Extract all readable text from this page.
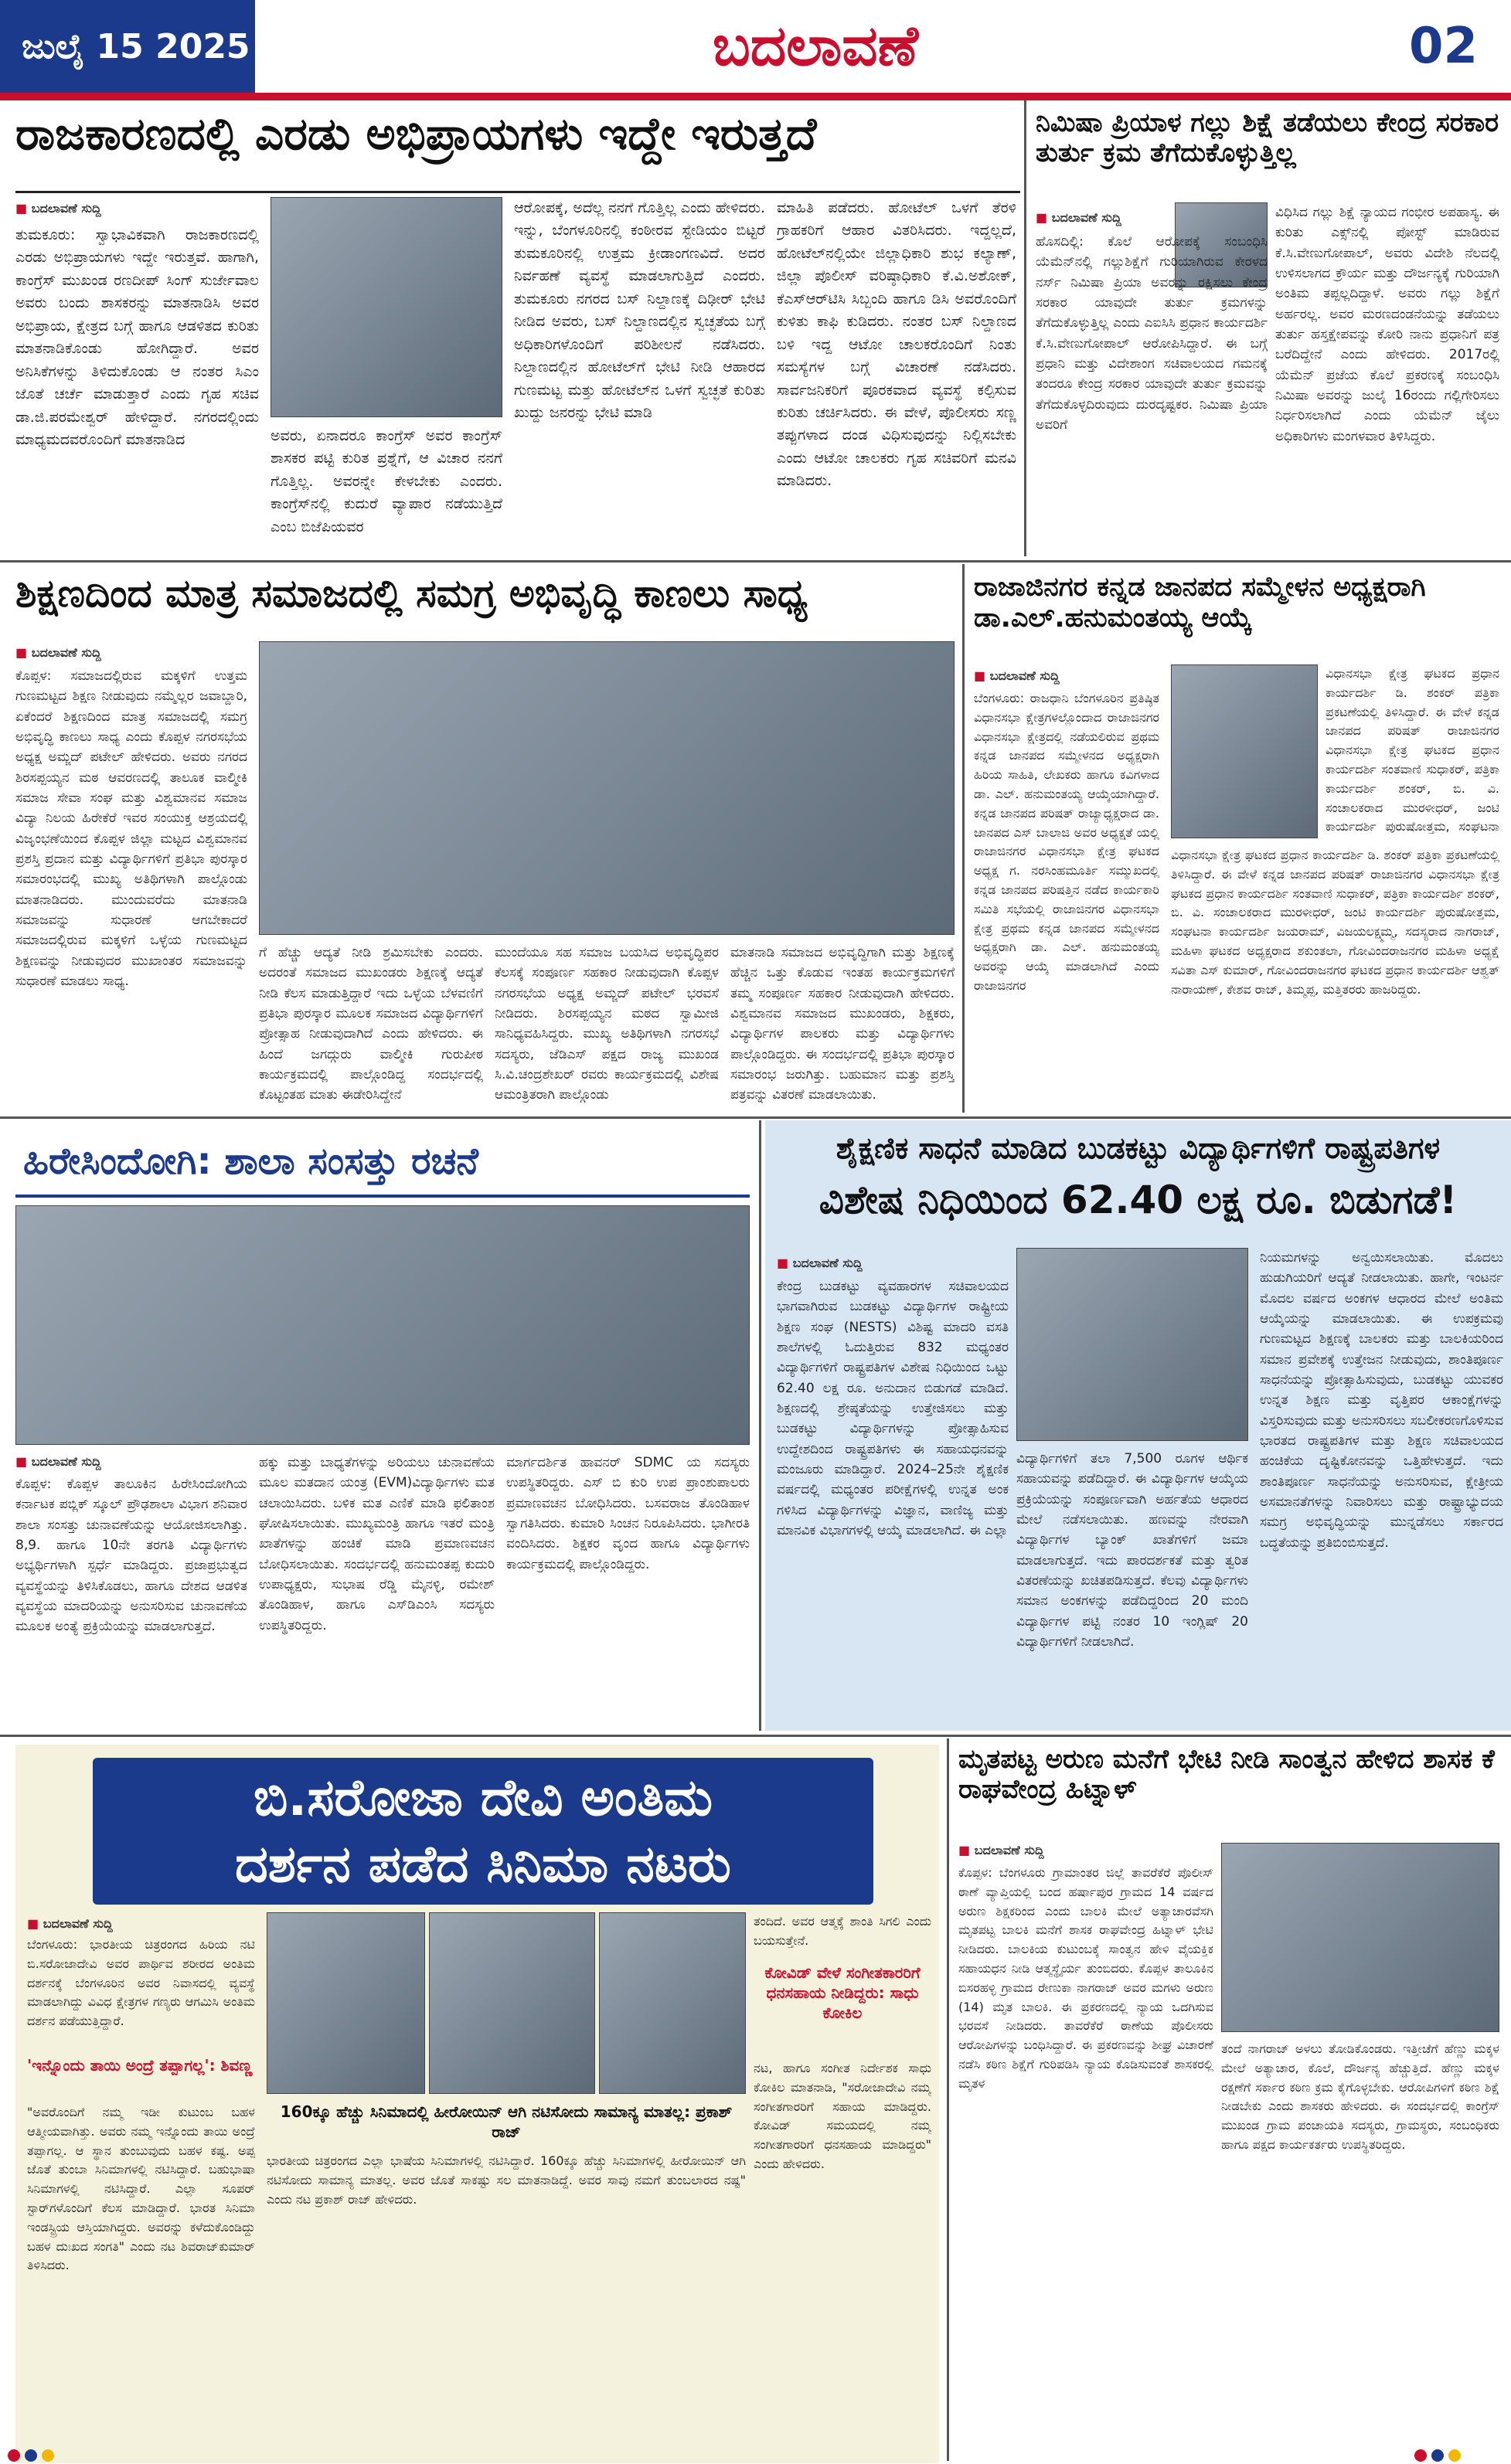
ಜುಲೈ 15 2025	ಬದಲಾವಣೆ	02
ರಾಜಕಾರಣದಲ್ಲಿ ಎರಡು ಅಭಿಪ್ರಾಯಗಳು ಇದ್ದೇ ಇರುತ್ತದೆ
■ ಬದಲಾವಣೆ ಸುದ್ದಿ
ತುಮಕೂರು: ಸ್ವಾಭಾವಿಕವಾಗಿ ರಾಜಕಾರಣದಲ್ಲಿ ಎರಡು ಅಭಿಪ್ರಾಯಗಳು ಇದ್ದೇ ಇರುತ್ತವೆ. ಹಾಗಾಗಿ, ಕಾಂಗ್ರೆಸ್ ಮುಖಂಡ ರಣದೀಪ್ ಸಿಂಗ್ ಸುರ್ಜೇವಾಲ ಅವರು ಬಂದು ಶಾಸಕರನ್ನು ಮಾತನಾಡಿಸಿ ಅವರ ಅಭಿಪ್ರಾಯ, ಕ್ಷೇತ್ರದ ಬಗ್ಗೆ ಹಾಗೂ ಆಡಳಿತದ ಕುರಿತು ಮಾತನಾಡಿಕೊಂಡು ಹೋಗಿದ್ದಾರೆ. ಅವರ ಅನಿಸಿಕೆಗಳನ್ನು ತಿಳಿದುಕೊಂಡು ಆ ನಂತರ ಸಿಎಂ ಜೊತೆ ಚರ್ಚೆ ಮಾಡುತ್ತಾರೆ ಎಂದು ಗೃಹ ಸಚಿವ ಡಾ.ಜಿ.ಪರಮೇಶ್ವರ್ ಹೇಳಿದ್ದಾರೆ. ನಗರದಲ್ಲಿಂದು ಮಾಧ್ಯಮದವರೊಂದಿಗೆ ಮಾತನಾಡಿದ	ಅವರು, ಏನಾದರೂ ಕಾಂಗ್ರೆಸ್ ಅವರ ಕಾಂಗ್ರೆಸ್ ಶಾಸಕರ ಪಟ್ಟಿ ಕುರಿತ ಪ್ರಶ್ನೆಗೆ, ಆ ವಿಚಾರ ನನಗೆ ಗೊತ್ತಿಲ್ಲ. ಅವರನ್ನೇ ಕೇಳಬೇಕು ಎಂದರು. ಕಾಂಗ್ರೆಸ್‌ನಲ್ಲಿ ಕುದುರೆ ವ್ಯಾಪಾರ ನಡೆಯುತ್ತಿದೆ ಎಂಬ ಬಿಜೆಪಿಯವರ
ಆರೋಪಕ್ಕೆ, ಅದೆಲ್ಲ ನನಗೆ ಗೊತ್ತಿಲ್ಲ ಎಂದು ಹೇಳಿದರು. ಇನ್ನು, ಬೆಂಗಳೂರಿನಲ್ಲಿ ಕಂಠೀರವ ಸ್ಟೇಡಿಯಂ ಬಿಟ್ಟರೆ ತುಮಕೂರಿನಲ್ಲಿ ಉತ್ತಮ ಕ್ರೀಡಾಂಗಣವಿದೆ. ಅದರ ನಿರ್ವಹಣೆ ವ್ಯವಸ್ಥೆ ಮಾಡಲಾಗುತ್ತಿದೆ ಎಂದರು. ತುಮಕೂರು ನಗರದ ಬಸ್ ನಿಲ್ದಾಣಕ್ಕೆ ದಿಢೀರ್ ಭೇಟಿ ನೀಡಿದ ಅವರು, ಬಸ್ ನಿಲ್ದಾಣದಲ್ಲಿನ ಸ್ವಚ್ಛತೆಯ ಬಗ್ಗೆ ಅಧಿಕಾರಿಗಳೊಂದಿಗೆ ಪರಿಶೀಲನೆ ನಡೆಸಿದರು. ನಿಲ್ದಾಣದಲ್ಲಿನ ಹೋಟೆಲ್‌ಗೆ ಭೇಟಿ ನೀಡಿ ಆಹಾರದ ಗುಣಮಟ್ಟ ಮತ್ತು ಹೋಟೆಲ್‌ನ ಒಳಗೆ ಸ್ವಚ್ಛತೆ ಕುರಿತು ಖುದ್ದು ಜನರನ್ನು ಭೇಟಿ ಮಾಡಿ
ಮಾಹಿತಿ ಪಡೆದರು. ಹೋಟೆಲ್ ಒಳಗೆ ತೆರಳಿ ಗ್ರಾಹಕರಿಗೆ ಆಹಾರ ವಿತರಿಸಿದರು. ಇದ್ದಲ್ಲದೆ, ಹೋಟೆಲ್‌ನಲ್ಲಿಯೇ ಜಿಲ್ಲಾಧಿಕಾರಿ ಶುಭ ಕಲ್ಯಾಣ್, ಜಿಲ್ಲಾ ಪೊಲೀಸ್ ವರಿಷ್ಠಾಧಿಕಾರಿ ಕೆ.ವಿ.ಅಶೋಕ್, ಕೆಎಸ್‌ಆರ್‌ಟಿಸಿ ಸಿಬ್ಬಂದಿ ಹಾಗೂ ಡಿಸಿ ಅವರೊಂದಿಗೆ ಕುಳಿತು ಕಾಫಿ ಕುಡಿದರು. ನಂತರ ಬಸ್ ನಿಲ್ದಾಣದ ಬಳಿ ಇದ್ದ ಆಟೋ ಚಾಲಕರೊಂದಿಗೆ ನಿಂತು ಸಮಸ್ಯೆಗಳ ಬಗ್ಗೆ ವಿಚಾರಣೆ ನಡೆಸಿದರು. ಸಾರ್ವಜನಿಕರಿಗೆ ಪೂರಕವಾದ ವ್ಯವಸ್ಥೆ ಕಲ್ಪಿಸುವ ಕುರಿತು ಚರ್ಚಿಸಿದರು. ಈ ವೇಳೆ, ಪೊಲೀಸರು ಸಣ್ಣ ತಪ್ಪುಗಳಾದ ದಂಡ ವಿಧಿಸುವುದನ್ನು ನಿಲ್ಲಿಸಬೇಕು ಎಂದು ಆಟೋ ಚಾಲಕರು ಗೃಹ ಸಚಿವರಿಗೆ ಮನವಿ ಮಾಡಿದರು.
ನಿಮಿಷಾ ಪ್ರಿಯಾಳ ಗಲ್ಲು ಶಿಕ್ಷೆ ತಡೆಯಲು ಕೇಂದ್ರ ಸರಕಾರ ತುರ್ತು ಕ್ರಮ ತೆಗೆದುಕೊಳ್ಳುತ್ತಿಲ್ಲ
■ ಬದಲಾವಣೆ ಸುದ್ದಿ
ಹೊಸದಿಲ್ಲಿ: ಕೊಲೆ ಆರೋಪಕ್ಕೆ ಸಂಬಂಧಿಸಿ ಯೆಮೆನ್‌ನಲ್ಲಿ ಗಲ್ಲುಶಿಕ್ಷೆಗೆ ಗುರಿಯಾಗಿರುವ ಕೇರಳದ ನರ್ಸ್ ನಿಮಿಷಾ ಪ್ರಿಯಾ ಅವರನ್ನು ರಕ್ಷಿಸಲು ಕೇಂದ್ರ ಸರಕಾರ ಯಾವುದೇ ತುರ್ತು ಕ್ರಮಗಳನ್ನು ತೆಗೆದುಕೊಳ್ಳುತ್ತಿಲ್ಲ ಎಂದು ಎಐಸಿಸಿ ಪ್ರಧಾನ ಕಾರ್ಯದರ್ಶಿ ಕೆ.ಸಿ.ವೇಣುಗೋಪಾಲ್ ಆರೋಪಿಸಿದ್ದಾರೆ. ಈ ಬಗ್ಗೆ ಪ್ರಧಾನಿ ಮತ್ತು ವಿದೇಶಾಂಗ ಸಚಿವಾಲಯದ ಗಮನಕ್ಕೆ ತಂದರೂ ಕೇಂದ್ರ ಸರಕಾರ ಯಾವುದೇ ತುರ್ತು ಕ್ರಮವನ್ನು ತೆಗೆದುಕೊಳ್ಳದಿರುವುದು ದುರದೃಷ್ಟಕರ. ನಿಮಿಷಾ ಪ್ರಿಯಾ ಅವರಿಗೆ
ವಿಧಿಸಿದ ಗಲ್ಲು ಶಿಕ್ಷೆ ನ್ಯಾಯದ ಗಂಭೀರ ಅಪಹಾಸ್ಯ. ಈ ಕುರಿತು ಎಕ್ಸ್‌ನಲ್ಲಿ ಪೋಸ್ಟ್ ಮಾಡಿರುವ ಕೆ.ಸಿ.ವೇಣುಗೋಪಾಲ್, ಅವರು ವಿದೇಶಿ ನೆಲದಲ್ಲಿ ಉಳಿಸಲಾಗದ ಕ್ರೌರ್ಯ ಮತ್ತು ದೌರ್ಜನ್ಯಕ್ಕೆ ಗುರಿಯಾಗಿ ಅಂತಿಮ ತಪ್ಪಲ್ಲದಿದ್ದಾಳೆ. ಅವರು ಗಲ್ಲು ಶಿಕ್ಷೆಗೆ ಅರ್ಹರಲ್ಲ. ಅವರ ಮರಣದಂಡನೆಯನ್ನು ತಡೆಯಲು ತುರ್ತು ಹಸ್ತಕ್ಷೇಪವನ್ನು ಕೋರಿ ನಾನು ಪ್ರಧಾನಿಗೆ ಪತ್ರ ಬರೆದಿದ್ದೇನೆ ಎಂದು ಹೇಳಿದರು. 2017ರಲ್ಲಿ ಯೆಮೆನ್ ಪ್ರಜೆಯ ಕೊಲೆ ಪ್ರಕರಣಕ್ಕೆ ಸಂಬಂಧಿಸಿ ನಿಮಿಷಾ ಅವರನ್ನು ಜುಲೈ 16ರಂದು ಗಲ್ಲಿಗೇರಿಸಲು ನಿರ್ಧರಿಸಲಾಗಿದೆ ಎಂದು ಯೆಮೆನ್ ಜೈಲು ಅಧಿಕಾರಿಗಳು ಮಂಗಳವಾರ ತಿಳಿಸಿದ್ದರು.
ಶಿಕ್ಷಣದಿಂದ ಮಾತ್ರ ಸಮಾಜದಲ್ಲಿ ಸಮಗ್ರ ಅಭಿವೃದ್ಧಿ ಕಾಣಲು ಸಾಧ್ಯ
■ ಬದಲಾವಣೆ ಸುದ್ದಿ
ಕೊಪ್ಪಳ: ಸಮಾಜದಲ್ಲಿರುವ ಮಕ್ಕಳಿಗೆ ಉತ್ತಮ ಗುಣಮಟ್ಟದ ಶಿಕ್ಷಣ ನೀಡುವುದು ನಮ್ಮೆಲ್ಲರ ಜವಾಬ್ದಾರಿ, ಏಕೆಂದರೆ ಶಿಕ್ಷಣದಿಂದ ಮಾತ್ರ ಸಮಾಜದಲ್ಲಿ ಸಮಗ್ರ ಅಭಿವೃದ್ಧಿ ಕಾಣಲು ಸಾಧ್ಯ ಎಂದು ಕೊಪ್ಪಳ ನಗರಸಭೆಯ ಅಧ್ಯಕ್ಷ ಅಮ್ಜದ್ ಪಟೇಲ್ ಹೇಳಿದರು. ಅವರು ನಗರದ ಶಿರಸಪ್ಪಯ್ಯನ ಮಠ ಆವರಣದಲ್ಲಿ ತಾಲೂಕ ವಾಲ್ಮೀಕಿ ಸಮಾಜ ಸೇವಾ ಸಂಘ ಮತ್ತು ವಿಶ್ವಮಾನವ ಸಮಾಜ ವಿದ್ಯಾ ನಿಲಯ ಹಿರೇಕೆರೆ ಇವರ ಸಂಯುಕ್ತ ಆಶ್ರಯದಲ್ಲಿ ವಿಜೃಂಭಣೆಯಿಂದ ಕೊಪ್ಪಳ ಜಿಲ್ಲಾ ಮಟ್ಟದ ವಿಶ್ವಮಾನವ ಪ್ರಶಸ್ತಿ ಪ್ರದಾನ ಮತ್ತು ವಿದ್ಯಾರ್ಥಿಗಳಿಗೆ ಪ್ರತಿಭಾ ಪುರಸ್ಕಾರ ಸಮಾರಂಭದಲ್ಲಿ ಮುಖ್ಯ ಅತಿಥಿಗಳಾಗಿ ಪಾಲ್ಗೊಂಡು ಮಾತನಾಡಿದರು. ಮುಂದುವರೆದು ಮಾತನಾಡಿ ಸಮಾಜವನ್ನು ಸುಧಾರಣೆ ಆಗಬೇಕಾದರೆ ಸಮಾಜದಲ್ಲಿರುವ ಮಕ್ಕಳಿಗೆ ಒಳ್ಳೆಯ ಗುಣಮಟ್ಟದ ಶಿಕ್ಷಣವನ್ನು ನೀಡುವುದರ ಮುಖಾಂತರ ಸಮಾಜವನ್ನು ಸುಧಾರಣೆ ಮಾಡಲು ಸಾಧ್ಯ.
ಗೆ ಹೆಚ್ಚು ಆದ್ಯತೆ ನೀಡಿ ಶ್ರಮಿಸಬೇಕು ಎಂದರು. ಅದರಂತೆ ಸಮಾಜದ ಮುಖಂಡರು ಶಿಕ್ಷಣಕ್ಕೆ ಆದ್ಯತೆ ನೀಡಿ ಕೆಲಸ ಮಾಡುತ್ತಿದ್ದಾರೆ ಇದು ಒಳ್ಳೆಯ ಬೆಳವಣಿಗೆ ಪ್ರತಿಭಾ ಪುರಸ್ಕಾರ ಮೂಲಕ ಸಮಾಜದ ವಿದ್ಯಾರ್ಥಿಗಳಿಗೆ ಪ್ರೋತ್ಸಾಹ ನೀಡುವುದಾಗಿದೆ ಎಂದು ಹೇಳಿದರು. ಈ ಹಿಂದೆ ಜಗದ್ಗುರು ವಾಲ್ಮೀಕಿ ಗುರುಪೀಠ ಕಾರ್ಯಕ್ರಮದಲ್ಲಿ ಪಾಲ್ಗೊಂಡಿದ್ದ ಸಂದರ್ಭದಲ್ಲಿ ಕೊಟ್ಟಂತಹ ಮಾತು ಈಡೇರಿಸಿದ್ದೇನೆ
ಮುಂದೆಯೂ ಸಹ ಸಮಾಜ ಬಯಸಿದ ಅಭಿವೃದ್ಧಿಪರ ಕೆಲಸಕ್ಕೆ ಸಂಪೂರ್ಣ ಸಹಕಾರ ನೀಡುವುದಾಗಿ ಕೊಪ್ಪಳ ನಗರಸಭೆಯ ಅಧ್ಯಕ್ಷ ಅಮ್ಜದ್ ಪಟೇಲ್ ಭರವಸೆ ನೀಡಿದರು. ಶಿರಸಪ್ಪಯ್ಯನ ಮಠದ ಸ್ವಾಮೀಜಿ ಸಾನಿಧ್ಯವಹಿಸಿದ್ದರು. ಮುಖ್ಯ ಅತಿಥಿಗಳಾಗಿ ನಗರಸಭೆ ಸದಸ್ಯರು, ಜೆಡಿಎಸ್ ಪಕ್ಷದ ರಾಜ್ಯ ಮುಖಂಡ ಸಿ.ವಿ.ಚಂದ್ರಶೇಖರ್ ರವರು ಕಾರ್ಯಕ್ರಮದಲ್ಲಿ ವಿಶೇಷ ಆಮಂತ್ರಿತರಾಗಿ ಪಾಲ್ಗೊಂಡು
ಮಾತನಾಡಿ ಸಮಾಜದ ಅಭಿವೃದ್ಧಿಗಾಗಿ ಮತ್ತು ಶಿಕ್ಷಣಕ್ಕೆ ಹೆಚ್ಚಿನ ಒತ್ತು ಕೊಡುವ ಇಂತಹ ಕಾರ್ಯಕ್ರಮಗಳಿಗೆ ತಮ್ಮ ಸಂಪೂರ್ಣ ಸಹಕಾರ ನೀಡುವುದಾಗಿ ಹೇಳಿದರು. ವಿಶ್ವಮಾನವ ಸಮಾಜದ ಮುಖಂಡರು, ಶಿಕ್ಷಕರು, ವಿದ್ಯಾರ್ಥಿಗಳ ಪಾಲಕರು ಮತ್ತು ವಿದ್ಯಾರ್ಥಿಗಳು ಪಾಲ್ಗೊಂಡಿದ್ದರು. ಈ ಸಂದರ್ಭದಲ್ಲಿ ಪ್ರತಿಭಾ ಪುರಸ್ಕಾರ ಸಮಾರಂಭ ಜರುಗಿತ್ತು. ಬಹುಮಾನ ಮತ್ತು ಪ್ರಶಸ್ತಿ ಪತ್ರವನ್ನು ವಿತರಣೆ ಮಾಡಲಾಯಿತು.
ರಾಜಾಜಿನಗರ ಕನ್ನಡ ಜಾನಪದ ಸಮ್ಮೇಳನ ಅಧ್ಯಕ್ಷರಾಗಿ ಡಾ.ಎಲ್.ಹನುಮಂತಯ್ಯ ಆಯ್ಕೆ
■ ಬದಲಾವಣೆ ಸುದ್ದಿ
ಬೆಂಗಳೂರು: ರಾಜಧಾನಿ ಬೆಂಗಳೂರಿನ ಪ್ರತಿಷ್ಠಿತ ವಿಧಾನಸಭಾ ಕ್ಷೇತ್ರಗಳಲ್ಲೊಂದಾದ ರಾಜಾಜಿನಗರ ವಿಧಾನಸಭಾ ಕ್ಷೇತ್ರದಲ್ಲಿ ನಡೆಯಲಿರುವ ಪ್ರಥಮ ಕನ್ನಡ ಜಾನಪದ ಸಮ್ಮೇಳನದ ಅಧ್ಯಕ್ಷರಾಗಿ ಹಿರಿಯ ಸಾಹಿತಿ, ಲೇಖಕರು ಹಾಗೂ ಕವಿಗಳಾದ ಡಾ. ಎಲ್. ಹನುಮಂತಯ್ಯ ಆಯ್ಕೆಯಾಗಿದ್ದಾರೆ. ಕನ್ನಡ ಜಾನಪದ ಪರಿಷತ್ ರಾಜ್ಯಾಧ್ಯಕ್ಷರಾದ ಡಾ. ಜಾನಪದ ಎಸ್ ಬಾಲಾಜಿ ಅವರ ಅಧ್ಯಕ್ಷತೆ ಯಲ್ಲಿ ರಾಜಾಜಿನಗರ ವಿಧಾನಸಭಾ ಕ್ಷೇತ್ರ ಘಟಕದ ಅಧ್ಯಕ್ಷ ಗ. ನರಸಿಂಹಮೂರ್ತಿ ಸಮ್ಮುಖದಲ್ಲಿ ಕನ್ನಡ ಜಾನಪದ ಪರಿಷತ್ತಿನ ನಡೆದ ಕಾರ್ಯಕಾರಿ ಸಮಿತಿ ಸಭೆಯಲ್ಲಿ ರಾಜಾಜಿನಗರ ವಿಧಾನಸಭಾ ಕ್ಷೇತ್ರ ಪ್ರಥಮ ಕನ್ನಡ ಜಾನಪದ ಸಮ್ಮೇಳನದ ಅಧ್ಯಕ್ಷರಾಗಿ ಡಾ. ಎಲ್. ಹನುಮಂತಯ್ಯ ಅವರನ್ನು ಆಯ್ಕೆ ಮಾಡಲಾಗಿದೆ ಎಂದು ರಾಜಾಜಿನಗರ
ವಿಧಾನಸಭಾ ಕ್ಷೇತ್ರ ಘಟಕದ ಪ್ರಧಾನ ಕಾರ್ಯದರ್ಶಿ ಡಿ. ಶಂಕರ್ ಪತ್ರಿಕಾ ಪ್ರಕಟಣೆಯಲ್ಲಿ ತಿಳಿಸಿದ್ದಾರೆ. ಈ ವೇಳೆ ಕನ್ನಡ ಜಾನಪದ ಪರಿಷತ್ ರಾಜಾಜಿನಗರ ವಿಧಾನಸಭಾ ಕ್ಷೇತ್ರ ಘಟಕದ ಪ್ರಧಾನ ಕಾರ್ಯದರ್ಶಿ ಸಂತವಾಣಿ ಸುಧಾಕರ್, ಪತ್ರಿಕಾ ಕಾರ್ಯದರ್ಶಿ ಶಂಕರ್, ಬಿ. ವಿ. ಸಂಚಾಲಕರಾದ ಮುರಳೀಧರ್, ಜಂಟಿ ಕಾರ್ಯದರ್ಶಿ ಪುರುಷೋತ್ತಮ, ಸಂಘಟನಾ
ವಿಧಾನಸಭಾ ಕ್ಷೇತ್ರ ಘಟಕದ ಪ್ರಧಾನ ಕಾರ್ಯದರ್ಶಿ ಡಿ. ಶಂಕರ್ ಪತ್ರಿಕಾ ಪ್ರಕಟಣೆಯಲ್ಲಿ ತಿಳಿಸಿದ್ದಾರೆ. ಈ ವೇಳೆ ಕನ್ನಡ ಜಾನಪದ ಪರಿಷತ್ ರಾಜಾಜಿನಗರ ವಿಧಾನಸಭಾ ಕ್ಷೇತ್ರ ಘಟಕದ ಪ್ರಧಾನ ಕಾರ್ಯದರ್ಶಿ ಸಂತವಾಣಿ ಸುಧಾಕರ್, ಪತ್ರಿಕಾ ಕಾರ್ಯದರ್ಶಿ ಶಂಕರ್, ಬಿ. ವಿ. ಸಂಚಾಲಕರಾದ ಮುರಳೀಧರ್, ಜಂಟಿ ಕಾರ್ಯದರ್ಶಿ ಪುರುಷೋತ್ತಮ, ಸಂಘಟನಾ ಕಾರ್ಯದರ್ಶಿ ಜಯರಾಮ್, ವಿಜಯಲಕ್ಷ್ಮಮ್ಮ, ಸದಸ್ಯರಾದ ನಾಗರಾಜ್, ಮಹಿಳಾ ಘಟಕದ ಅಧ್ಯಕ್ಷರಾದ ಶಕುಂತಲಾ, ಗೋವಿಂದರಾಜನಗರ ಮಹಿಳಾ ಅಧ್ಯಕ್ಷೆ ಸವಿತಾ ಎಸ್ ಕುಮಾರ್, ಗೋವಿಂದರಾಜನಗರ ಘಟಕದ ಪ್ರಧಾನ ಕಾರ್ಯದರ್ಶಿ ಆಶ್ವತ್ ನಾರಾಯಣ್, ಕೇಶವ ರಾಜ್, ತಿಮ್ಮಪ್ಪ, ಮತ್ತಿತರರು ಹಾಜರಿದ್ದರು.
ಹಿರೇಸಿಂದೋಗಿ: ಶಾಲಾ ಸಂಸತ್ತು ರಚನೆ
■ ಬದಲಾವಣೆ ಸುದ್ದಿ
ಕೊಪ್ಪಳ: ಕೊಪ್ಪಳ ತಾಲೂಕಿನ ಹಿರೇಸಿಂದೋಗಿಯ ಕರ್ನಾಟಕ ಪಬ್ಲಿಕ್ ಸ್ಕೂಲ್ ಪ್ರೌಢಶಾಲಾ ವಿಭಾಗ ಶನಿವಾರ ಶಾಲಾ ಸಂಸತ್ತು ಚುನಾವಣೆಯನ್ನು ಆಯೋಜಿಸಲಾಗಿತ್ತು. 8,9. ಹಾಗೂ 10ನೇ ತರಗತಿ ವಿದ್ಯಾರ್ಥಿಗಳು ಅಭ್ಯರ್ಥಿಗಳಾಗಿ ಸ್ಪರ್ಧೆ ಮಾಡಿದ್ದರು. ಪ್ರಜಾಪ್ರಭುತ್ವದ ವ್ಯವಸ್ಥೆಯನ್ನು ತಿಳಿಸಿಕೊಡಲು, ಹಾಗೂ ದೇಶದ ಆಡಳಿತ ವ್ಯವಸ್ಥೆಯ ಮಾದರಿಯನ್ನು ಅನುಸರಿಸುವ ಚುನಾವಣೆಯ ಮೂಲಕ ಅಂತ್ಯೆ ಪ್ರಕ್ರಿಯೆಯನ್ನು ಮಾಡಲಾಗುತ್ತದೆ.
ಹಕ್ಕು ಮತ್ತು ಬಾಧ್ಯತೆಗಳನ್ನು ಅರಿಯಲು ಚುನಾವಣೆಯ ಮೂಲ ಮತದಾನ ಯಂತ್ರ (EVM)ವಿದ್ಯಾರ್ಥಿಗಳು ಮತ ಚಲಾಯಿಸಿದರು. ಬಳಿಕ ಮತ ಎಣಿಕೆ ಮಾಡಿ ಫಲಿತಾಂಶ ಘೋಷಿಸಲಾಯಿತು. ಮುಖ್ಯಮಂತ್ರಿ ಹಾಗೂ ಇತರೆ ಮಂತ್ರಿ ಖಾತೆಗಳನ್ನು ಹಂಚಿಕೆ ಮಾಡಿ ಪ್ರಮಾಣವಚನ ಬೋಧಿಸಲಾಯಿತು. ಸಂದರ್ಭದಲ್ಲಿ ಹನುಮಂತಪ್ಪ ಕುದುರಿ ಉಪಾಧ್ಯಕ್ಷರು, ಸುಭಾಷ ರೆಡ್ಡಿ ಮೈನಳ್ಳಿ, ರಮೇಶ್ ತೊಂಡಿಹಾಳ, ಹಾಗೂ ಎಸ್‌ಡಿಎಂಸಿ ಸದಸ್ಯರು ಉಪಸ್ಥಿತರಿದ್ದರು.
ಮಾರ್ಗದರ್ಶಿತ ಹಾವನರ್ SDMC ಯ ಸದಸ್ಯರು ಉಪಸ್ಥಿತರಿದ್ದರು. ಎಸ್ ಬಿ ಕುರಿ ಉಪ ಪ್ರಾಂಶುಪಾಲರು ಪ್ರಮಾಣವಚನ ಬೋಧಿಸಿದರು. ಬಸವರಾಜ ತೊಂಡಿಹಾಳ ಸ್ವಾಗತಿಸಿದರು. ಕುಮಾರಿ ಸಿಂಚನ ನಿರೂಪಿಸಿದರು. ಭಾಗೀರತಿ ವಂದಿಸಿದರು. ಶಿಕ್ಷಕರ ವೃಂದ ಹಾಗೂ ವಿದ್ಯಾರ್ಥಿಗಳು ಕಾರ್ಯಕ್ರಮದಲ್ಲಿ ಪಾಲ್ಗೊಂಡಿದ್ದರು.
ಶೈಕ್ಷಣಿಕ ಸಾಧನೆ ಮಾಡಿದ ಬುಡಕಟ್ಟು ವಿದ್ಯಾರ್ಥಿಗಳಿಗೆ ರಾಷ್ಟ್ರಪತಿಗಳ
ವಿಶೇಷ ನಿಧಿಯಿಂದ 62.40 ಲಕ್ಷ ರೂ. ಬಿಡುಗಡೆ!
■ ಬದಲಾವಣೆ ಸುದ್ದಿ
ಕೇಂದ್ರ ಬುಡಕಟ್ಟು ವ್ಯವಹಾರಗಳ ಸಚಿವಾಲಯದ ಭಾಗವಾಗಿರುವ ಬುಡಕಟ್ಟು ವಿದ್ಯಾರ್ಥಿಗಳ ರಾಷ್ಟ್ರೀಯ ಶಿಕ್ಷಣ ಸಂಘ (NESTS) ವಿಶಿಷ್ಟ ಮಾದರಿ ವಸತಿ ಶಾಲೆಗಳಲ್ಲಿ ಓದುತ್ತಿರುವ 832 ಮಧ್ಯಂತರ ವಿದ್ಯಾರ್ಥಿಗಳಿಗೆ ರಾಷ್ಟ್ರಪತಿಗಳ ವಿಶೇಷ ನಿಧಿಯಿಂದ ಒಟ್ಟು 62.40 ಲಕ್ಷ ರೂ. ಅನುದಾನ ಬಿಡುಗಡೆ ಮಾಡಿದೆ. ಶಿಕ್ಷಣದಲ್ಲಿ ಶ್ರೇಷ್ಠತೆಯನ್ನು ಉತ್ತೇಜಿಸಲು ಮತ್ತು ಬುಡಕಟ್ಟು ವಿದ್ಯಾರ್ಥಿಗಳನ್ನು ಪ್ರೋತ್ಸಾಹಿಸುವ ಉದ್ದೇಶದಿಂದ ರಾಷ್ಟ್ರಪತಿಗಳು ಈ ಸಹಾಯಧನವನ್ನು ಮಂಜೂರು ಮಾಡಿದ್ದಾರೆ. 2024–25ನೇ ಶೈಕ್ಷಣಿಕ ವರ್ಷದಲ್ಲಿ ಮಧ್ಯಂತರ ಪರೀಕ್ಷೆಗಳಲ್ಲಿ ಉನ್ನತ ಅಂಕ ಗಳಿಸಿದ ವಿದ್ಯಾರ್ಥಿಗಳನ್ನು ವಿಜ್ಞಾನ, ವಾಣಿಜ್ಯ ಮತ್ತು ಮಾನವಿಕ ವಿಭಾಗಗಳಲ್ಲಿ ಆಯ್ಕೆ ಮಾಡಲಾಗಿದೆ. ಈ ಎಲ್ಲಾ
ವಿದ್ಯಾರ್ಥಿಗಳಿಗೆ ತಲಾ 7,500 ರೂಗಳ ಆರ್ಥಿಕ ಸಹಾಯವನ್ನು ಪಡೆದಿದ್ದಾರೆ. ಈ ವಿದ್ಯಾರ್ಥಿಗಳ ಆಯ್ಕೆಯ ಪ್ರಕ್ರಿಯೆಯನ್ನು ಸಂಪೂರ್ಣವಾಗಿ ಅರ್ಹತೆಯ ಆಧಾರದ ಮೇಲೆ ನಡೆಸಲಾಯಿತು. ಹಣವನ್ನು ನೇರವಾಗಿ ವಿದ್ಯಾರ್ಥಿಗಳ ಬ್ಯಾಂಕ್ ಖಾತೆಗಳಿಗೆ ಜಮಾ ಮಾಡಲಾಗುತ್ತದೆ. ಇದು ಪಾರದರ್ಶಕತೆ ಮತ್ತು ತ್ವರಿತ ವಿತರಣೆಯನ್ನು ಖಚಿತಪಡಿಸುತ್ತದೆ. ಕೆಲವು ವಿದ್ಯಾರ್ಥಿಗಳು ಸಮಾನ ಅಂಕಗಳನ್ನು ಪಡೆದಿದ್ದರಿಂದ 20 ಮಂದಿ ವಿದ್ಯಾರ್ಥಿಗಳ ಪಟ್ಟಿ ನಂತರ 10 ಇಂಗ್ಲಿಷ್ 20 ವಿದ್ಯಾರ್ಥಿಗಳಿಗೆ ನೀಡಲಾಗಿದೆ.
ನಿಯಮಗಳನ್ನು ಅನ್ವಯಿಸಲಾಯಿತು. ಮೊದಲು ಹುಡುಗಿಯರಿಗೆ ಆದ್ಯತೆ ನೀಡಲಾಯಿತು. ಹಾಗೇ, ಇಂಟರ್ನ ಮೊದಲ ವರ್ಷದ ಅಂಕಗಳ ಆಧಾರದ ಮೇಲೆ ಅಂತಿಮ ಆಯ್ಕೆಯನ್ನು ಮಾಡಲಾಯಿತು. ಈ ಉಪಕ್ರಮವು ಗುಣಮಟ್ಟದ ಶಿಕ್ಷಣಕ್ಕೆ ಬಾಲಕರು ಮತ್ತು ಬಾಲಕಿಯರಿಂದ ಸಮಾನ ಪ್ರವೇಶಕ್ಕೆ ಉತ್ತೇಜನ ನೀಡುವುದು, ಶಾಂತಿಪೂರ್ಣ ಸಾಧನೆಯನ್ನು ಪ್ರೋತ್ಸಾಹಿಸುವುದು, ಬುಡಕಟ್ಟು ಯುವಕರ ಉನ್ನತ ಶಿಕ್ಷಣ ಮತ್ತು ವೃತ್ತಿಪರ ಆಕಾಂಕ್ಷೆಗಳನ್ನು ವಿಸ್ತರಿಸುವುದು ಮತ್ತು ಅನುಸರಿಸಲು ಸಬಲೀಕರಣಗೊಳಿಸುವ ಭಾರತದ ರಾಷ್ಟ್ರಪತಿಗಳ ಮತ್ತು ಶಿಕ್ಷಣ ಸಚಿವಾಲಯದ ಹಂಚಿಕೆಯ ದೃಷ್ಟಿಕೋನವನ್ನು ಒತ್ತಿಹೇಳುತ್ತದೆ. ಇದು ಶಾಂತಿಪೂರ್ಣ ಸಾಧನೆಯನ್ನು ಅನುಸರಿಸುವ, ಕ್ಷೇತ್ರೀಯ ಅಸಮಾನತೆಗಳನ್ನು ನಿವಾರಿಸಲು ಮತ್ತು ರಾಷ್ಟ್ರಾಭ್ಯುದಯ ಸಮಗ್ರ ಅಭಿವೃದ್ಧಿಯನ್ನು ಮುನ್ನಡೆಸಲು ಸರ್ಕಾರದ ಬದ್ಧತೆಯನ್ನು ಪ್ರತಿಬಿಂಬಿಸುತ್ತದೆ.
ಬಿ.ಸರೋಜಾ ದೇವಿ ಅಂತಿಮ
ದರ್ಶನ ಪಡೆದ ಸಿನಿಮಾ ನಟರು
■ ಬದಲಾವಣೆ ಸುದ್ದಿ
ಬೆಂಗಳೂರು: ಭಾರತೀಯ ಚಿತ್ರರಂಗದ ಹಿರಿಯ ನಟಿ ಬಿ.ಸರೋಜಾದೇವಿ ಅವರ ಪಾರ್ಥಿವ ಶರೀರದ ಅಂತಿಮ ದರ್ಶನಕ್ಕೆ ಬೆಂಗಳೂರಿನ ಅವರ ನಿವಾಸದಲ್ಲಿ ವ್ಯವಸ್ಥೆ ಮಾಡಲಾಗಿದ್ದು ವಿವಿಧ ಕ್ಷೇತ್ರಗಳ ಗಣ್ಯರು ಆಗಮಿಸಿ ಅಂತಿಮ ದರ್ಶನ ಪಡೆಯುತ್ತಿದ್ದಾರೆ.
'ಇನ್ನೊಂದು ತಾಯಿ ಅಂದ್ರೆ ತಪ್ಪಾಗಲ್ಲ': ಶಿವಣ್ಣ
"ಅವರೊಂದಿಗೆ ನಮ್ಮ ಇಡೀ ಕುಟುಂಬ ಬಹಳ ಆತ್ಮೀಯವಾಗಿತ್ತು. ಅವರು ನಮ್ಮ ಇನ್ನೊಂದು ತಾಯಿ ಅಂದ್ರೆ ತಪ್ಪಾಗಲ್ಲ. ಆ ಸ್ಥಾನ ತುಂಬುವುದು ಬಹಳ ಕಷ್ಟ. ಅಪ್ಪ ಜೊತೆ ತುಂಬಾ ಸಿನಿಮಾಗಳಲ್ಲಿ ನಟಿಸಿದ್ದಾರೆ. ಬಹುಭಾಷಾ ಸಿನಿಮಾಗಳಲ್ಲಿ ನಟಿಸಿದ್ದಾರೆ. ಎಲ್ಲಾ ಸೂಪರ್ ಸ್ಟಾರ್‌ಗಳೊಂದಿಗೆ ಕೆಲಸ ಮಾಡಿದ್ದಾರೆ. ಭಾರತ ಸಿನಿಮಾ ಇಂಡಸ್ಟ್ರಿಯ ಆಸ್ತಿಯಾಗಿದ್ದರು. ಅವರನ್ನು ಕಳೆದುಕೊಂಡಿದ್ದು ಬಹಳ ದುಃಖದ ಸಂಗತಿ" ಎಂದು ನಟ ಶಿವರಾಜ್‌ಕುಮಾರ್ ತಿಳಿಸಿದರು.
ತಂದಿದೆ. ಅವರ ಆತ್ಮಕ್ಕೆ ಶಾಂತಿ ಸಿಗಲಿ ಎಂದು ಬಯಸುತ್ತೇನೆ.
ಕೋವಿಡ್ ವೇಳೆ ಸಂಗೀತಕಾರರಿಗೆ ಧನಸಹಾಯ ನೀಡಿದ್ದರು: ಸಾಧು ಕೋಕಿಲ
ನಟ, ಹಾಗೂ ಸಂಗೀತ ನಿರ್ದೇಶಕ ಸಾಧು ಕೋಕಿಲ ಮಾತನಾಡಿ, "ಸರೋಜಾದೇವಿ ನಮ್ಮ ಸಂಗೀತಗಾರರಿಗೆ ಸಹಾಯ ಮಾಡಿದ್ದರು. ಕೋವಿಡ್ ಸಮಯದಲ್ಲಿ ನಮ್ಮ ಸಂಗೀತಗಾರರಿಗೆ ಧನಸಹಾಯ ಮಾಡಿದ್ದರು" ಎಂದು ಹೇಳಿದರು.
160ಕ್ಕೂ ಹೆಚ್ಚು ಸಿನಿಮಾದಲ್ಲಿ ಹೀರೋಯಿನ್ ಆಗಿ ನಟಿಸೋದು ಸಾಮಾನ್ಯ ಮಾತಲ್ಲ: ಪ್ರಕಾಶ್ ರಾಜ್
ಭಾರತೀಯ ಚಿತ್ರರಂಗದ ಎಲ್ಲಾ ಭಾಷೆಯ ಸಿನಿಮಾಗಳಲ್ಲಿ ನಟಿಸಿದ್ದಾರೆ. 160ಕ್ಕೂ ಹೆಚ್ಚು ಸಿನಿಮಾಗಳಲ್ಲಿ ಹೀರೋಯಿನ್ ಆಗಿ ನಟಿಸೋದು ಸಾಮಾನ್ಯ ಮಾತಲ್ಲ. ಅವರ ಜೊತೆ ಸಾಕಷ್ಟು ಸಲ ಮಾತನಾಡಿದ್ದೆ. ಅವರ ಸಾವು ನಮಗೆ ತುಂಬಲಾರದ ನಷ್ಟ" ಎಂದು ನಟ ಪ್ರಕಾಶ್ ರಾಜ್ ಹೇಳಿದರು.
ಮೃತಪಟ್ಟ ಅರುಣ ಮನೆಗೆ ಭೇಟಿ ನೀಡಿ ಸಾಂತ್ವನ ಹೇಳಿದ ಶಾಸಕ ಕೆ ರಾಘವೇಂದ್ರ ಹಿಟ್ನಾಳ್
■ ಬದಲಾವಣೆ ಸುದ್ದಿ
ಕೊಪ್ಪಳ: ಬೆಂಗಳೂರು ಗ್ರಾಮಾಂತರ ಜಿಲ್ಲೆ ತಾವರೆಕೆರೆ ಪೊಲೀಸ್ ಠಾಣೆ ವ್ಯಾಪ್ತಿಯಲ್ಲಿ ಬಂದ ಹರ್ಷಾಪುರ ಗ್ರಾಮದ 14 ವರ್ಷದ ಅರುಣ ಶಿಕ್ಷಕರಿಂದ ಎಂದು ಬಾಲಕಿ ಮೇಲೆ ಅತ್ಯಾಚಾರವೆಸಗಿ ಮೃತಪಟ್ಟ ಬಾಲಕಿ ಮನೆಗೆ ಶಾಸಕ ರಾಘವೇಂದ್ರ ಹಿಟ್ನಾಳ್ ಭೇಟಿ ನೀಡಿದರು. ಬಾಲಕಿಯ ಕುಟುಂಬಕ್ಕೆ ಸಾಂತ್ವನ ಹೇಳಿ ವೈಯಕ್ತಿಕ ಸಹಾಯಧನ ನೀಡಿ ಆತ್ಮಸ್ಥೈರ್ಯ ತುಂಬಿದರು. ಕೊಪ್ಪಳ ತಾಲೂಕಿನ ಬಿಸರಹಳ್ಳಿ ಗ್ರಾಮದ ರೇಣುಕಾ ನಾಗರಾಜ್ ಅವರ ಮಗಳು ಅರುಣ (14) ಮೃತ ಬಾಲಕಿ. ಈ ಪ್ರಕರಣದಲ್ಲಿ ನ್ಯಾಯ ಒದಗಿಸುವ ಭರವಸೆ ನೀಡಿದರು. ತಾವರೆಕೆರೆ ಠಾಣೆಯ ಪೊಲೀಸರು ಆರೋಪಿಗಳನ್ನು ಬಂಧಿಸಿದ್ದಾರೆ. ಈ ಪ್ರಕರಣವನ್ನು ಶೀಘ್ರ ವಿಚಾರಣೆ ನಡೆಸಿ ಕಠಿಣ ಶಿಕ್ಷೆಗೆ ಗುರಿಪಡಿಸಿ ನ್ಯಾಯ ಕೊಡಿಸುವಂತೆ ಶಾಸಕರಲ್ಲಿ ಮೃತಳ
ತಂದೆ ನಾಗರಾಜ್ ಅಳಲು ತೋಡಿಕೊಂಡರು. ಇತ್ತೀಚೆಗೆ ಹೆಣ್ಣು ಮಕ್ಕಳ ಮೇಲೆ ಅತ್ಯಾಚಾರ, ಕೊಲೆ, ದೌರ್ಜನ್ಯ ಹೆಚ್ಚುತ್ತಿದೆ. ಹೆಣ್ಣು ಮಕ್ಕಳ ರಕ್ಷಣೆಗೆ ಸರ್ಕಾರ ಕಠಿಣ ಕ್ರಮ ಕೈಗೊಳ್ಳಬೇಕು. ಆರೋಪಿಗಳಿಗೆ ಕಠಿಣ ಶಿಕ್ಷೆ ನೀಡಬೇಕು ಎಂದು ಶಾಸಕರು ಹೇಳಿದರು. ಈ ಸಂದರ್ಭದಲ್ಲಿ ಕಾಂಗ್ರೆಸ್ ಮುಖಂಡ ಗ್ರಾಮ ಪಂಚಾಯತಿ ಸದಸ್ಯರು, ಗ್ರಾಮಸ್ಥರು, ಸಂಬಂಧಿಕರು ಹಾಗೂ ಪಕ್ಷದ ಕಾರ್ಯಕರ್ತರು ಉಪಸ್ಥಿತರಿದ್ದರು.
